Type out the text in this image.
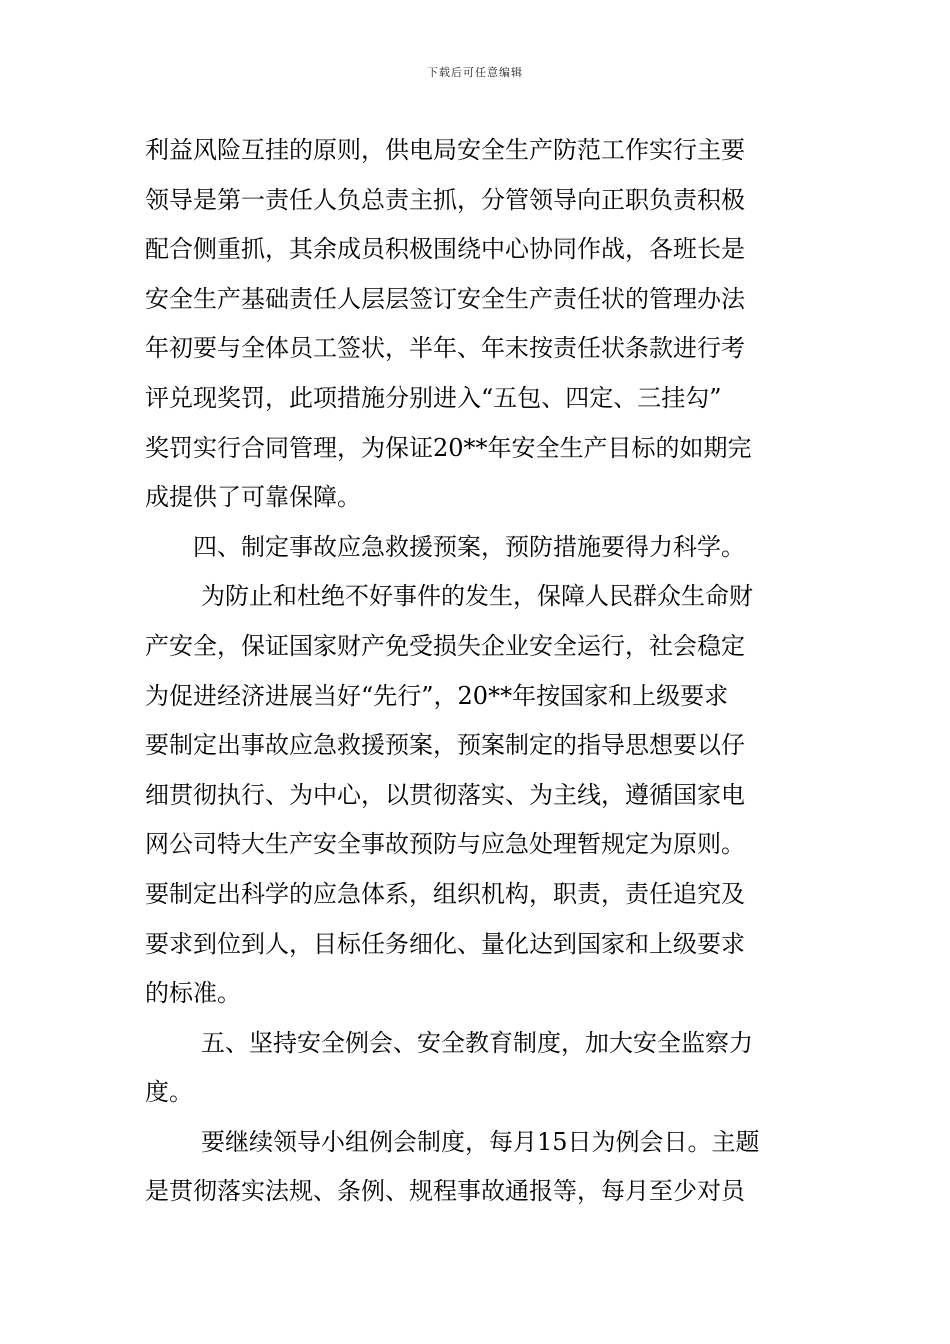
下载后可任意编辑
利益风险互挂的原则，供电局安全生产防范工作实行主要
领导是第一责任人负总责主抓，分管领导向正职负责积极
配合侧重抓，其余成员积极围绕中心协同作战，各班长是
安全生产基础责任人层层签订安全生产责任状的管理办法
年初要与全体员工签状，半年、年末按责任状条款进行考
评兑现奖罚，此项措施分别进入“五包、四定、三挂勾”
奖罚实行合同管理，为保证20**年安全生产目标的如期完
成提供了可靠保障。
四、制定事故应急救援预案，预防措施要得力科学。
为防止和杜绝不好事件的发生，保障人民群众生命财
产安全，保证国家财产免受损失企业安全运行，社会稳定
为促进经济进展当好“先行”，20**年按国家和上级要求
要制定出事故应急救援预案，预案制定的指导思想要以仔
细贯彻执行、为中心，以贯彻落实、为主线，遵循国家电
网公司特大生产安全事故预防与应急处理暂规定为原则。
要制定出科学的应急体系，组织机构，职责，责任追究及
要求到位到人，目标任务细化、量化达到国家和上级要求
的标准。
五、坚持安全例会、安全教育制度，加大安全监察力
度。
要继续领导小组例会制度，每月15日为例会日。主题
是贯彻落实法规、条例、规程事故通报等，每月至少对员
